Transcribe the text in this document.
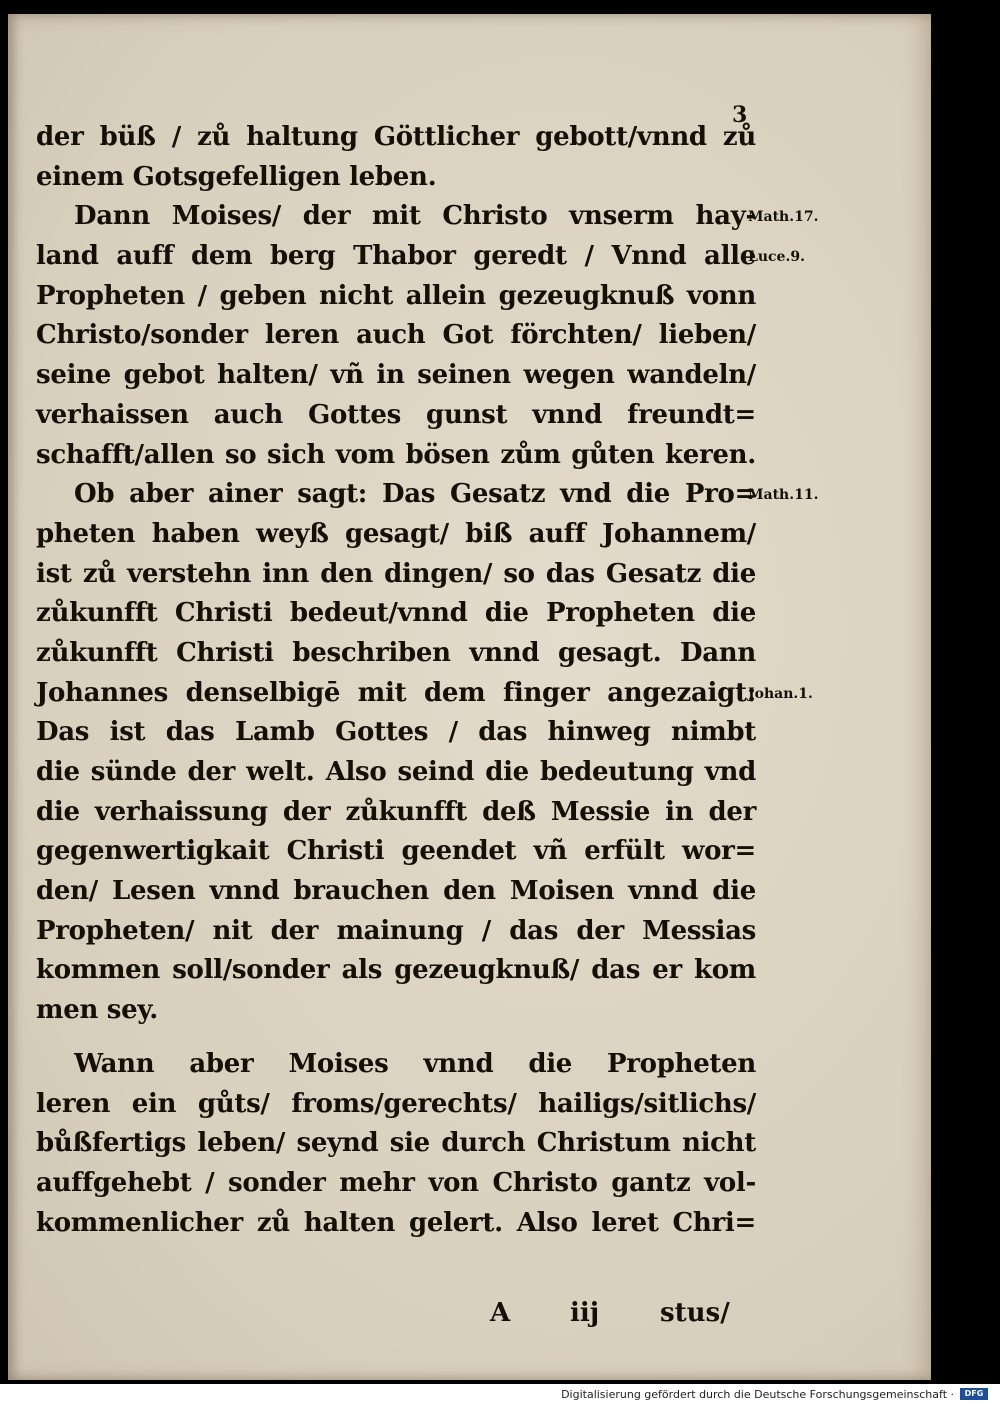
3
der büß / zů haltung Göttlicher gebott/vnnd zů
einem Gotsgefelligen leben.
Dann Moises/ der mit Christo vnserm hay-
land auff dem berg Thabor geredt / Vnnd alle
Propheten / geben nicht allein gezeugknuß vonn
Christo/sonder leren auch Got förchten/ lieben/
seine gebot halten/ vñ in seinen wegen wandeln/
verhaissen auch Gottes gunst vnnd freundt=
schafft/allen so sich vom bösen zům gůten keren.
Ob aber ainer sagt: Das Gesatz vnd die Pro=
pheten haben weyß gesagt/ biß auff Johannem/
ist zů verstehn inn den dingen/ so das Gesatz die
zůkunfft Christi bedeut/vnnd die Propheten die
zůkunfft Christi beschriben vnnd gesagt. Dann
Johannes denselbigē mit dem finger angezaigt:
Das ist das Lamb Gottes / das hinweg nimbt
die sünde der welt. Also seind die bedeutung vnd
die verhaissung der zůkunfft deß Messie in der
gegenwertigkait Christi geendet vñ erfült wor=
den/ Lesen vnnd brauchen den Moisen vnnd die
Propheten/ nit der mainung / das der Messias
kommen soll/sonder als gezeugknuß/ das er kom
men sey.
Wann aber Moises vnnd die Propheten
leren ein gůts/ froms/gerechts/ hailigs/sitlichs/
bůßfertigs leben/ seynd sie durch Christum nicht
auffgehebt / sonder mehr von Christo gantz vol-
kommenlicher zů halten gelert. Also leret Chri=
A iij stus/
Math.17.
Luce.9.
Math.11.
Johan.1.
Digitalisierung gefördert durch die Deutsche Forschungsgemeinschaft ·	DFG
